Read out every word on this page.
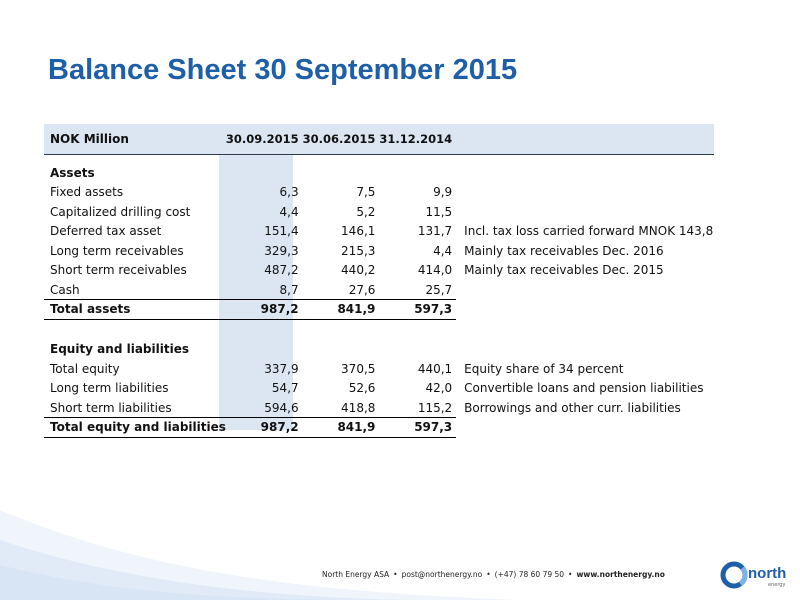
Balance Sheet 30 September 2015
NOK Million	30.09.2015	30.06.2015	31.12.2014	

Assets				
Fixed assets	6,3	7,5	9,9	
Capitalized drilling cost	4,4	5,2	11,5	
Deferred tax asset	151,4	146,1	131,7	Incl. tax loss carried forward MNOK 143,8
Long term receivables	329,3	215,3	4,4	Mainly tax receivables Dec. 2016
Short term receivables	487,2	440,2	414,0	Mainly tax receivables Dec. 2015
Cash	8,7	27,6	25,7	
Total assets	987,2	841,9	597,3	

Equity and liabilities				
Total equity	337,9	370,5	440,1	Equity share of 34 percent
Long term liabilities	54,7	52,6	42,0	Convertible loans and pension liabilities
Short term liabilities	594,6	418,8	115,2	Borrowings and other curr. liabilities
Total equity and liabilities	987,2	841,9	597,3	
North Energy ASA • post@northenergy.no • (+47) 78 60 79 50 • www.northenergy.no	north
energy
